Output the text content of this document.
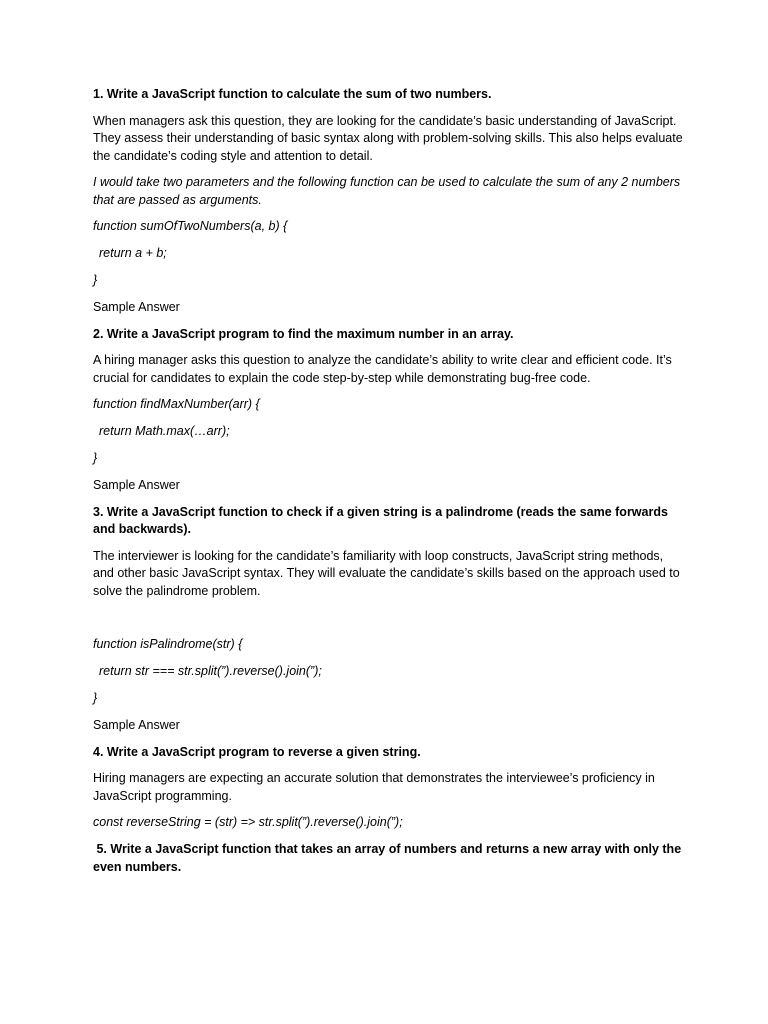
1. Write a JavaScript function to calculate the sum of two numbers.
When managers ask this question, they are looking for the candidate’s basic understanding of JavaScript. They assess their understanding of basic syntax along with problem-solving skills. This also helps evaluate the candidate’s coding style and attention to detail.
I would take two parameters and the following function can be used to calculate the sum of any 2 numbers that are passed as arguments.
function sumOfTwoNumbers(a, b) {
return a + b;
}
Sample Answer
2. Write a JavaScript program to find the maximum number in an array.
A hiring manager asks this question to analyze the candidate’s ability to write clear and efficient code. It’s crucial for candidates to explain the code step-by-step while demonstrating bug-free code.
function findMaxNumber(arr) {
return Math.max(…arr);
}
Sample Answer
3. Write a JavaScript function to check if a given string is a palindrome (reads the same forwards and backwards).
The interviewer is looking for the candidate’s familiarity with loop constructs, JavaScript string methods, and other basic JavaScript syntax. They will evaluate the candidate’s skills based on the approach used to solve the palindrome problem.
function isPalindrome(str) {
return str === str.split(”).reverse().join(”);
}
Sample Answer
4. Write a JavaScript program to reverse a given string.
Hiring managers are expecting an accurate solution that demonstrates the interviewee’s proficiency in JavaScript programming.
const reverseString = (str) => str.split(”).reverse().join(”);
5. Write a JavaScript function that takes an array of numbers and returns a new array with only the even numbers.
